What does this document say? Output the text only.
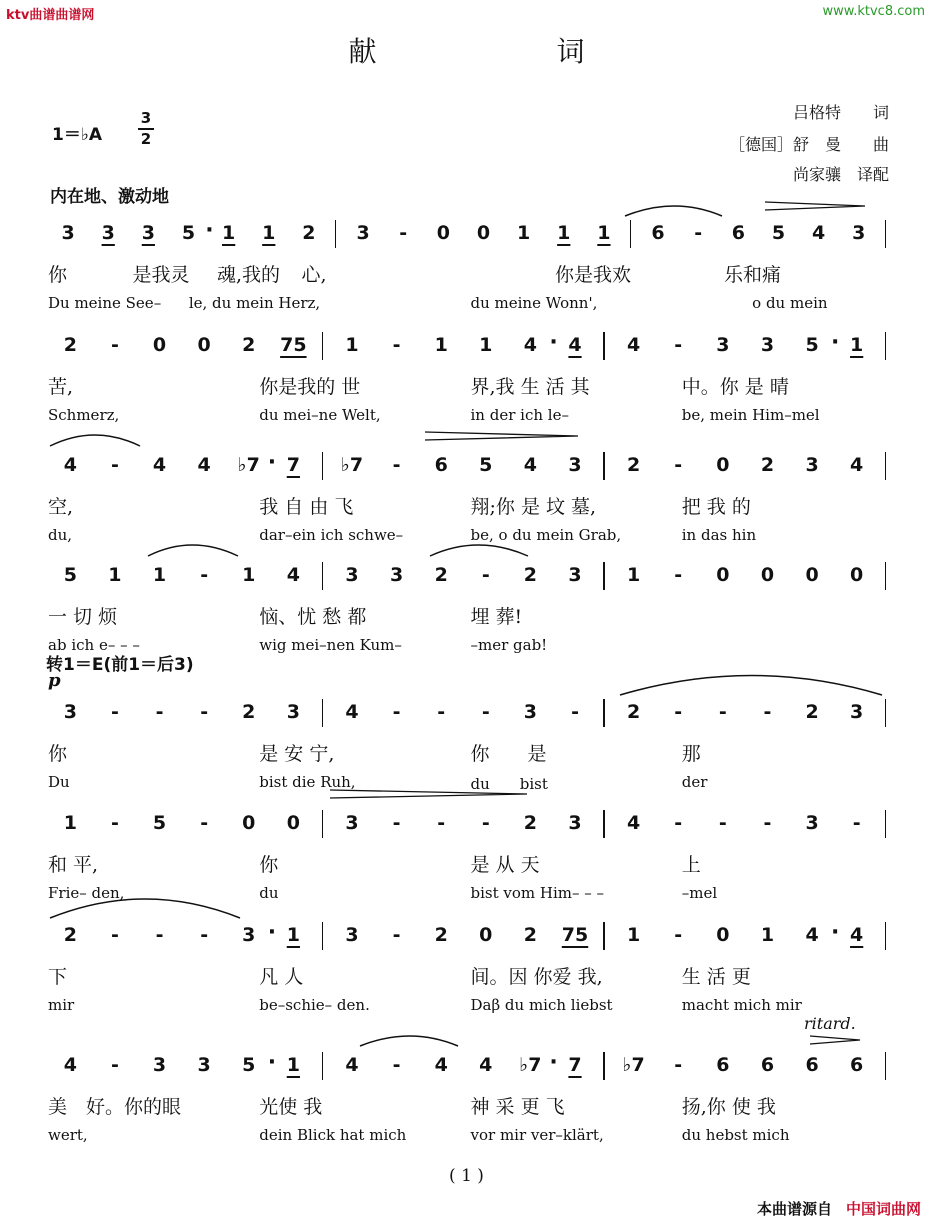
ktv曲谱曲谱网	www.ktvc8.com
献	词
吕格特　　词
［德国］舒　曼　　曲
尚家骧　译配
1＝♭A
3
2
内在地、激动地
转1＝E(前1＝后3)
p
ritard.
3	3	3	5 ·	1	1	2	3	-	0	0	1	1	1	6	-	6	5	4	3
你	是我灵	魂,我的	心,	你是我欢	乐和痛
Du meine See–	le, du mein Herz,	du meine Wonn',	o du mein
2	-	0	0	2	75	1	-	1	1	4 ·	4	4	-	3	3	5 ·	1
苦,	你是我的 世	界,我 生 活 其	中。你 是 晴
Schmerz,	du mei–ne Welt,	in der ich le–	be, mein Him–mel
4	-	4	4	♭7 ·	7	♭7	-	6	5	4	3	2	-	0	2	3	4
空,	我 自 由 飞	翔;你 是 坟 墓,	把 我 的
du,	dar–ein ich schwe–	be, o du mein Grab,	in das hin
5	1	1	-	1	4	3	3	2	-	2	3	1	-	0	0	0	0
一 切 烦	恼、忧 愁 都	埋 葬!
ab ich e– – –	wig mei–nen Kum–	–mer gab!
3	-	-	-	2	3	4	-	-	-	3	-	2	-	-	-	2	3
你	是 安 宁,	你　　是	那
Du	bist die Ruh,	du　　bist	der
1	-	5	-	0	0	3	-	-	-	2	3	4	-	-	-	3	-
和 平,	你	是 从 天	上
Frie– den,	du	bist vom Him– – –	–mel
2	-	-	-	3 ·	1	3	-	2	0	2	75	1	-	0	1	4 ·	4
下	凡 人	间。因 你爱 我,	生 活 更
mir	be–schie– den.	Daβ du mich liebst	macht mich mir
4	-	3	3	5 ·	1	4	-	4	4	♭7 ·	7	♭7	-	6	6	6	6
美　好。你的眼	光使 我	神 采 更 飞	扬,你 使 我
wert,	dein Blick hat mich	vor mir ver–klärt,	du hebst mich
( 1 )
本曲谱源自 中国词曲网
